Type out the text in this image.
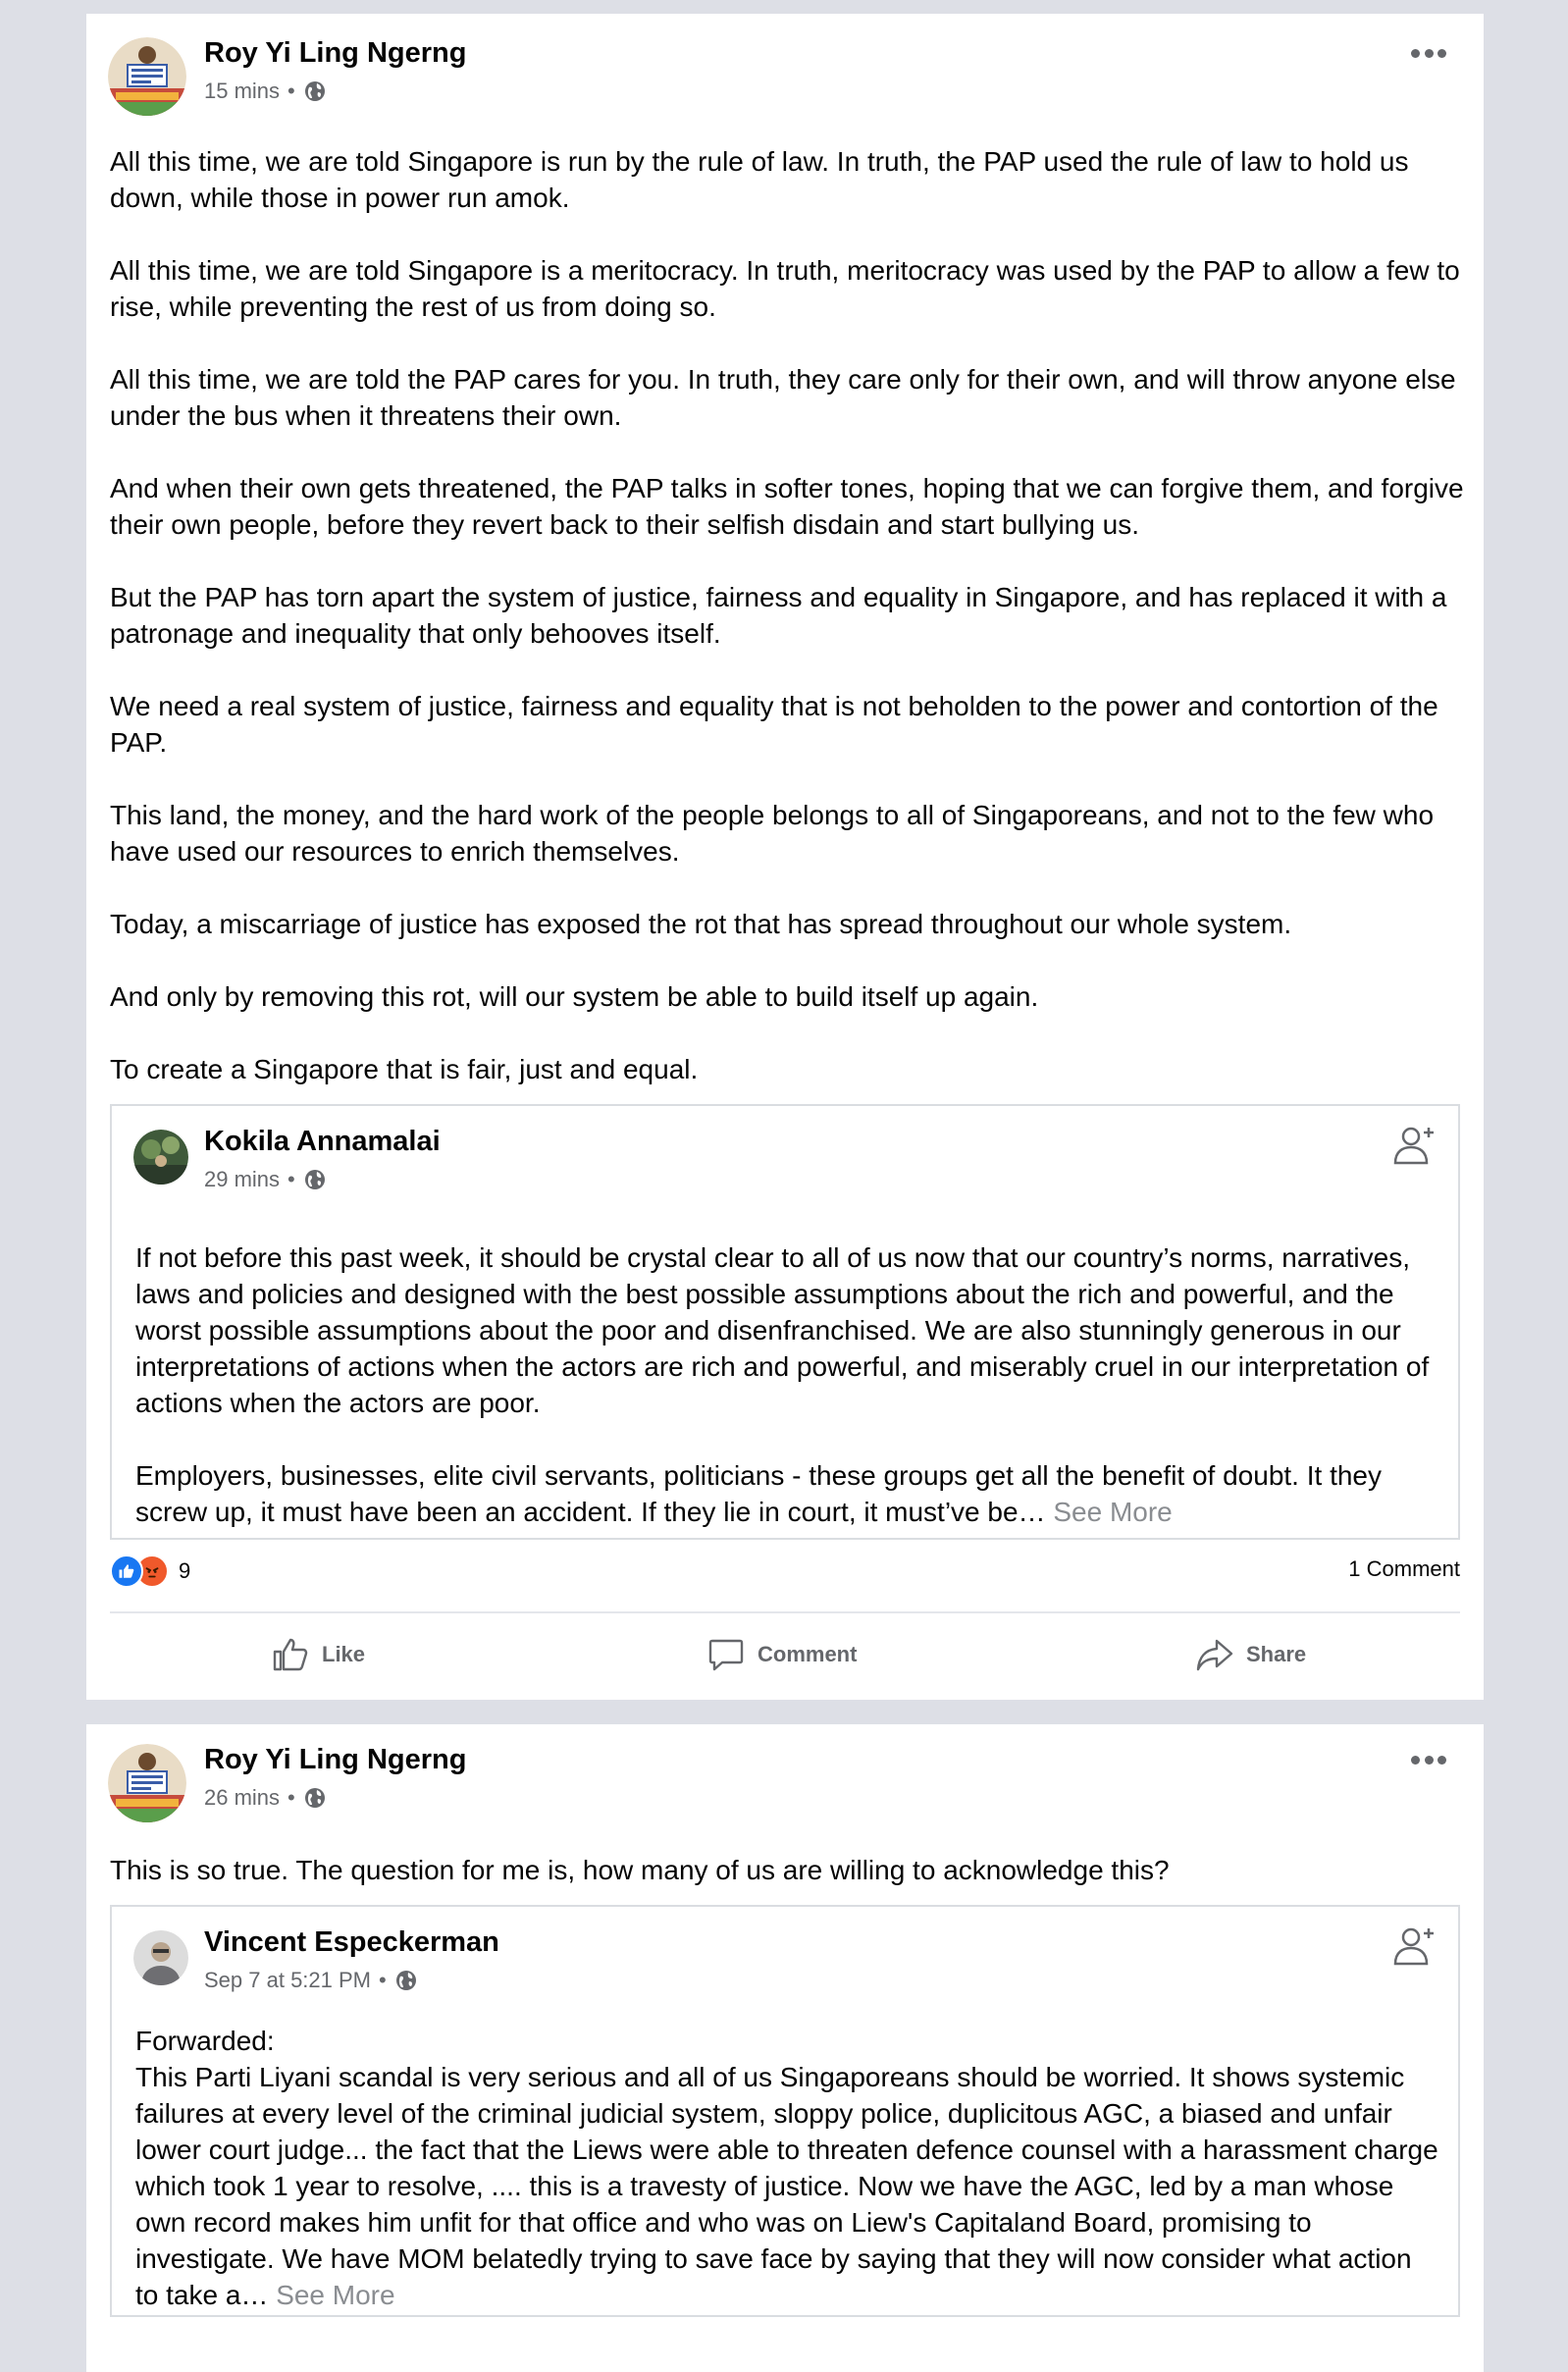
Roy Yi Ling Ngerng
15 mins •

All this time, we are told Singapore is run by the rule of law. In truth, the PAP used the rule of law to hold us down, while those in power run amok.

All this time, we are told Singapore is a meritocracy. In truth, meritocracy was used by the PAP to allow a few to rise, while preventing the rest of us from doing so.

All this time, we are told the PAP cares for you. In truth, they care only for their own, and will throw anyone else under the bus when it threatens their own.

And when their own gets threatened, the PAP talks in softer tones, hoping that we can forgive them, and forgive their own people, before they revert back to their selfish disdain and start bullying us.

But the PAP has torn apart the system of justice, fairness and equality in Singapore, and has replaced it with a patronage and inequality that only behooves itself.

We need a real system of justice, fairness and equality that is not beholden to the power and contortion of the PAP.

This land, the money, and the hard work of the people belongs to all of Singaporeans, and not to the few who have used our resources to enrich themselves.

Today, a miscarriage of justice has exposed the rot that has spread throughout our whole system.

And only by removing this rot, will our system be able to build itself up again.

To create a Singapore that is fair, just and equal.

Kokila Annamalai
29 mins •

If not before this past week, it should be crystal clear to all of us now that our country’s norms, narratives, laws and policies and designed with the best possible assumptions about the rich and powerful, and the worst possible assumptions about the poor and disenfranchised. We are also stunningly generous in our interpretations of actions when the actors are rich and powerful, and miserably cruel in our interpretation of actions when the actors are poor.

Employers, businesses, elite civil servants, politicians - these groups get all the benefit of doubt. It they screw up, it must have been an accident. If they lie in court, it must’ve be… See More

9	1 Comment
Like	Comment	Share
Roy Yi Ling Ngerng
26 mins •

This is so true. The question for me is, how many of us are willing to acknowledge this?

Vincent Especkerman
Sep 7 at 5:21 PM •

Forwarded:

This Parti Liyani scandal is very serious and all of us Singaporeans should be worried. It shows systemic failures at every level of the criminal judicial system, sloppy police, duplicitous AGC, a biased and unfair lower court judge... the fact that the Liews were able to threaten defence counsel with a harassment charge which took 1 year to resolve, .... this is a travesty of justice. Now we have the AGC, led by a man whose own record makes him unfit for that office and who was on Liew's Capitaland Board, promising to investigate. We have MOM belatedly trying to save face by saying that they will now consider what action to take a… See More
